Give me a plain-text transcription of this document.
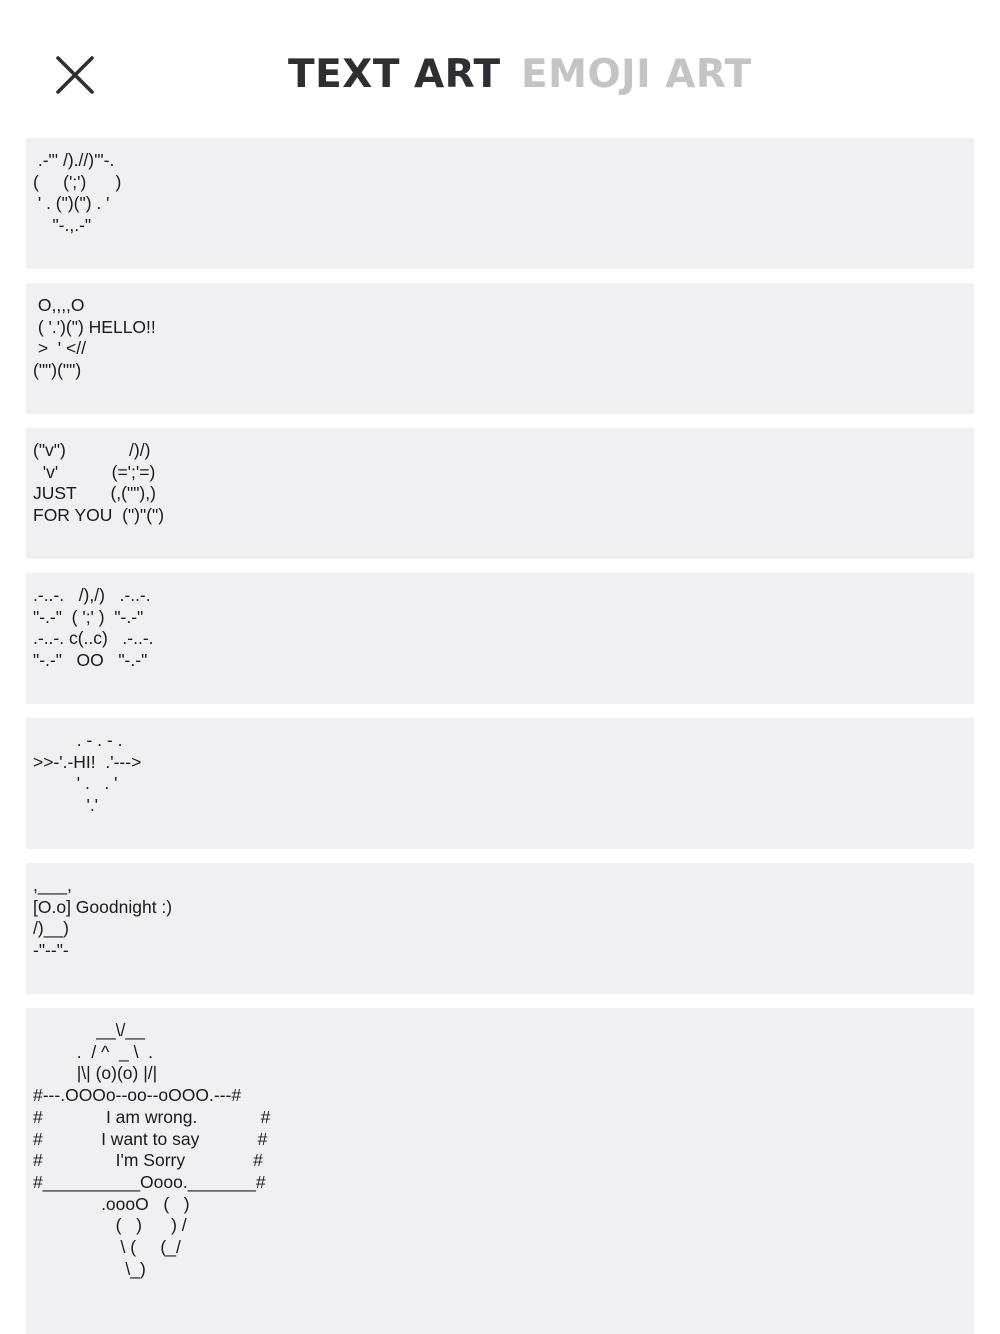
TEXT ART EMOJI ART
.-"' /).//)'"-.
(     (';')      )
' . (")(") . '
"-.,.-"
O,,,,O
( '.')(") HELLO!!
>  ' <//
("")("")
("v")             /)/)
'v'           (=';'=)
JUST       (,(""),)
FOR YOU  (")"(")
.-..-.   /),/)   .-..-.
"-.-"  ( ';' )  "-.-"
.-..-. c(..c)   .-..-.
"-.-"   OO   "-.-"
. - . - .
>>-'.-HI!  .'--->
' .   . '
'.'
,___,
[O.o] Goodnight :)
/)__)
-"--"-
__\/__
.  / ^  _ \  .
|\| (o)(o) |/|
#---.OOOo--oo--oOOO.---#
#             I am wrong.             #
#            I want to say            #
#               I'm Sorry              #
#__________Oooo._______#
.oooO   (   )
(   )      ) /
\ (     (_/
\_)
